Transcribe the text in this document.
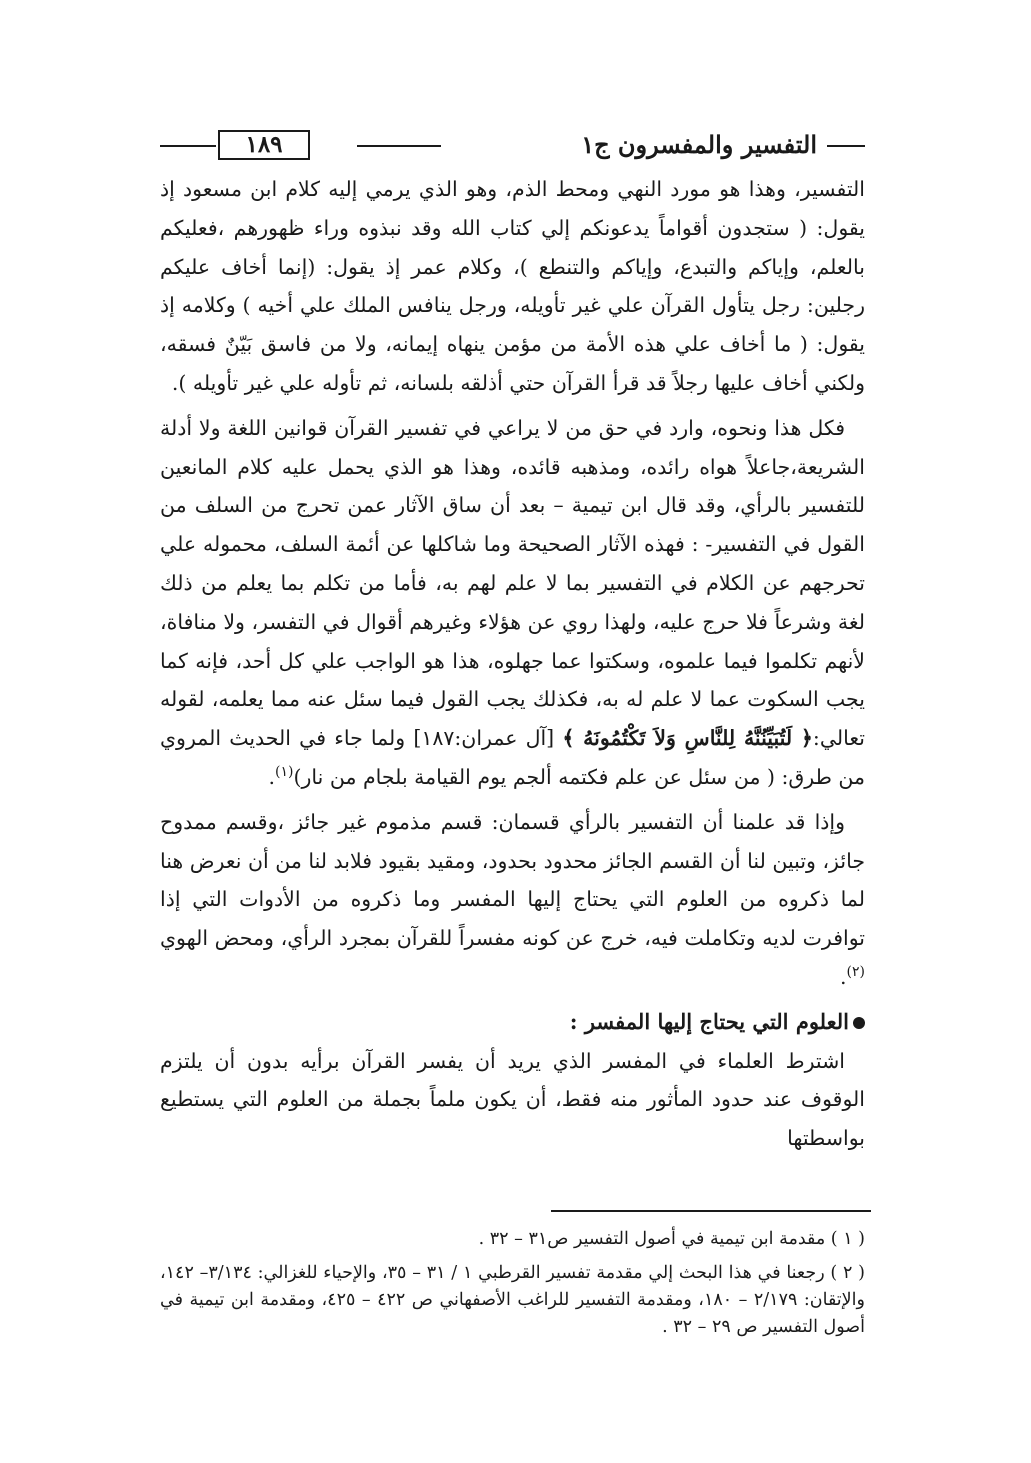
التفسير والمفسرون ج١
١٨٩

التفسير، وهذا هو مورد النهي ومحط الذم، وهو الذي يرمي إليه كلام ابن مسعود إذ يقول: ( ستجدون أقواماً يدعونكم إلي كتاب الله وقد نبذوه وراء ظهورهم ،فعليكم بالعلم، وإياكم والتبدع، وإياكم والتنطع )، وكلام عمر إذ يقول: (إنما أخاف عليكم رجلين: رجل يتأول القرآن علي غير تأويله، ورجل ينافس الملك علي أخيه ) وكلامه إذ يقول: ( ما أخاف علي هذه الأمة من مؤمن ينهاه إيمانه، ولا من فاسق بَيّنٌ فسقه، ولكني أخاف عليها رجلاً قد قرأ القرآن حتي أذلقه بلسانه، ثم تأوله علي غير تأويله ).

فكل هذا ونحوه، وارد في حق من لا يراعي في تفسير القرآن قوانين اللغة ولا أدلة الشريعة،جاعلاً هواه رائده، ومذهبه قائده، وهذا هو الذي يحمل عليه كلام المانعين للتفسير بالرأي، وقد قال ابن تيمية – بعد أن ساق الآثار عمن تحرج من السلف من القول في التفسير- : فهذه الآثار الصحيحة وما شاكلها عن أئمة السلف، محموله علي تحرجهم عن الكلام في التفسير بما لا علم لهم به، فأما من تكلم بما يعلم من ذلك لغة وشرعاً فلا حرج عليه، ولهذا روي عن هؤلاء وغيرهم أقوال في التفسر، ولا منافاة، لأنهم تكلموا فيما علموه، وسكتوا عما جهلوه، هذا هو الواجب علي كل أحد، فإنه كما يجب السكوت عما لا علم له به، فكذلك يجب القول فيما سئل عنه مما يعلمه، لقوله تعالي:﴿ لَتُبَيِّنُنَّهُ لِلنَّاسِ وَلاَ تَكْتُمُونَهُ ﴾ [آل عمران:١٨٧] ولما جاء في الحديث المروي من طرق: ( من سئل عن علم فكتمه ألجم يوم القيامة بلجام من نار)$^{(١)}$.

وإذا قد علمنا أن التفسير بالرأي قسمان: قسم مذموم غير جائز ،وقسم ممدوح جائز، وتبين لنا أن القسم الجائز محدود بحدود، ومقيد بقيود فلابد لنا من أن نعرض هنا لما ذكروه من العلوم التي يحتاج إليها المفسر وما ذكروه من الأدوات التي إذا توافرت لديه وتكاملت فيه، خرج عن كونه مفسراً للقرآن بمجرد الرأي، ومحض الهوي $^{(٢)}$.

العلوم التي يحتاج إليها المفسر :

اشترط العلماء في المفسر الذي يريد أن يفسر القرآن برأيه بدون أن يلتزم الوقوف عند حدود المأثور منه فقط، أن يكون ملماً بجملة من العلوم التي يستطيع بواسطتها

( ١ ) مقدمة ابن تيمية في أصول التفسير ص٣١ – ٣٢ .

( ٢ ) رجعنا في هذا البحث إلي مقدمة تفسير القرطبي ١ / ٣١ – ٣٥، والإحياء للغزالي: ٣/١٣٤– ١٤٢، والإتقان: ٢/١٧٩ – ١٨٠، ومقدمة التفسير للراغب الأصفهاني ص ٤٢٢ – ٤٢٥، ومقدمة ابن تيمية في أصول التفسير ص ٢٩ – ٣٢ .
